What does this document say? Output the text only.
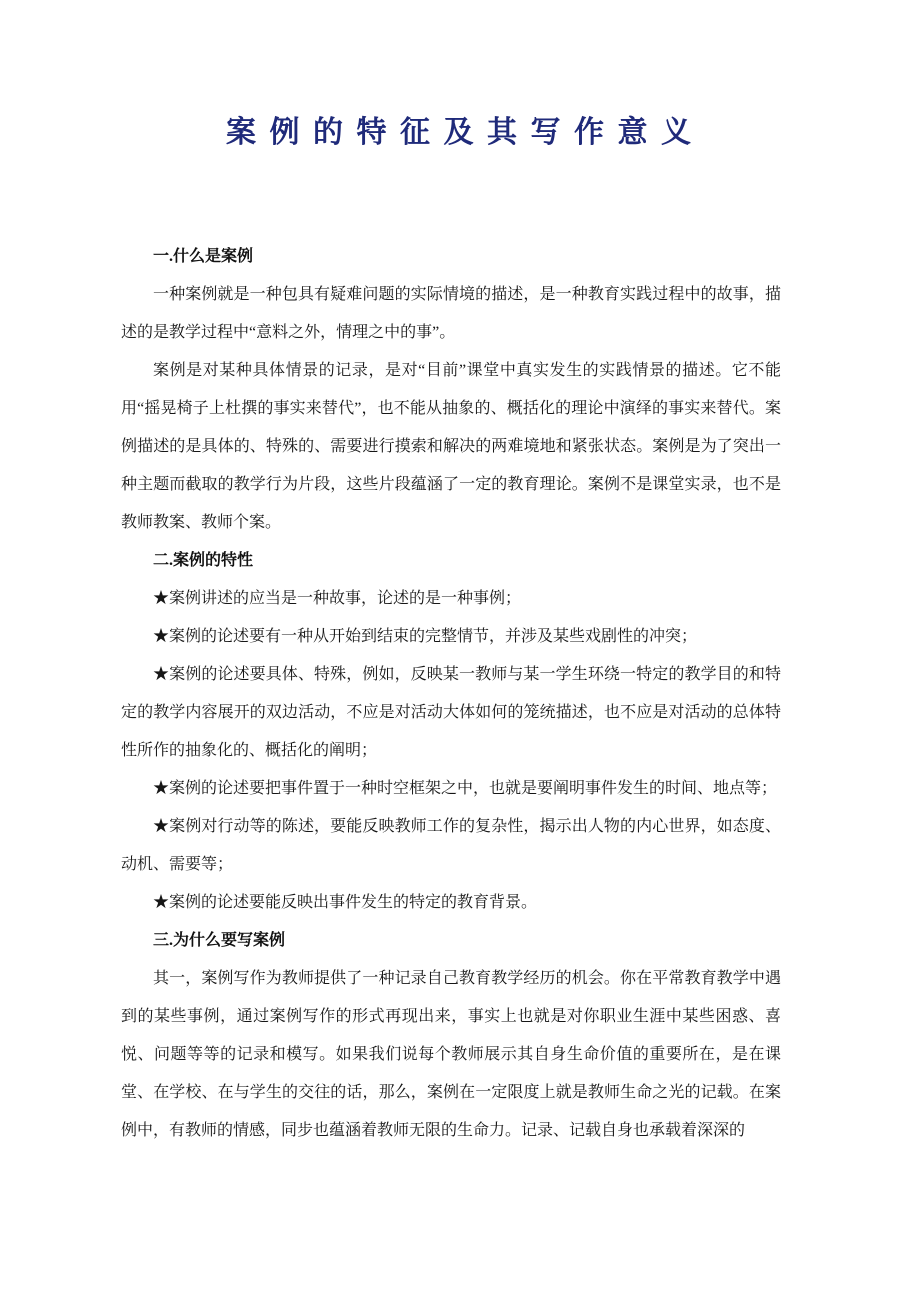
案 例 的 特 征 及 其 写 作 意 义

一.什么是案例

一种案例就是一种包具有疑难问题的实际情境的描述，是一种教育实践过程中的故事，描述的是教学过程中“意料之外，情理之中的事”。

案例是对某种具体情景的记录，是对“目前”课堂中真实发生的实践情景的描述。它不能用“摇晃椅子上杜撰的事实来替代”，也不能从抽象的、概括化的理论中演绎的事实来替代。案例描述的是具体的、特殊的、需要进行摸索和解决的两难境地和紧张状态。案例是为了突出一种主题而截取的教学行为片段，这些片段蕴涵了一定的教育理论。案例不是课堂实录，也不是教师教案、教师个案。

二.案例的特性

★案例讲述的应当是一种故事，论述的是一种事例；

★案例的论述要有一种从开始到结束的完整情节，并涉及某些戏剧性的冲突；

★案例的论述要具体、特殊，例如，反映某一教师与某一学生环绕一特定的教学目的和特定的教学内容展开的双边活动，不应是对活动大体如何的笼统描述，也不应是对活动的总体特性所作的抽象化的、概括化的阐明；

★案例的论述要把事件置于一种时空框架之中，也就是要阐明事件发生的时间、地点等；

★案例对行动等的陈述，要能反映教师工作的复杂性，揭示出人物的内心世界，如态度、动机、需要等；

★案例的论述要能反映出事件发生的特定的教育背景。

三.为什么要写案例

其一，案例写作为教师提供了一种记录自己教育教学经历的机会。你在平常教育教学中遇到的某些事例，通过案例写作的形式再现出来，事实上也就是对你职业生涯中某些困惑、喜悦、问题等等的记录和模写。如果我们说每个教师展示其自身生命价值的重要所在，是在课堂、在学校、在与学生的交往的话，那么，案例在一定限度上就是教师生命之光的记载。在案例中，有教师的情感，同步也蕴涵着教师无限的生命力。记录、记载自身也承载着深深的
